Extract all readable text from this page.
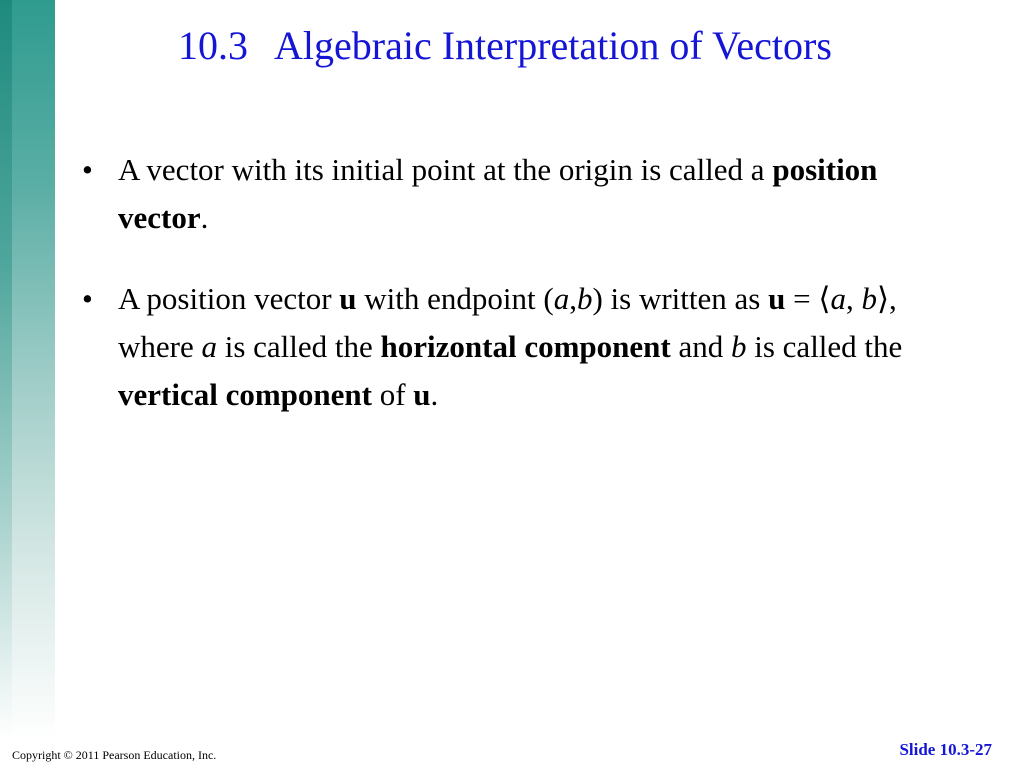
10.3 Algebraic Interpretation of Vectors
• A vector with its initial point at the origin is called a position vector.
• A position vector u with endpoint (a,b) is written as u = ⟨a, b⟩, where a is called the horizontal component and b is called the vertical component of u.
Copyright © 2011 Pearson Education, Inc.	Slide 10.3-27
